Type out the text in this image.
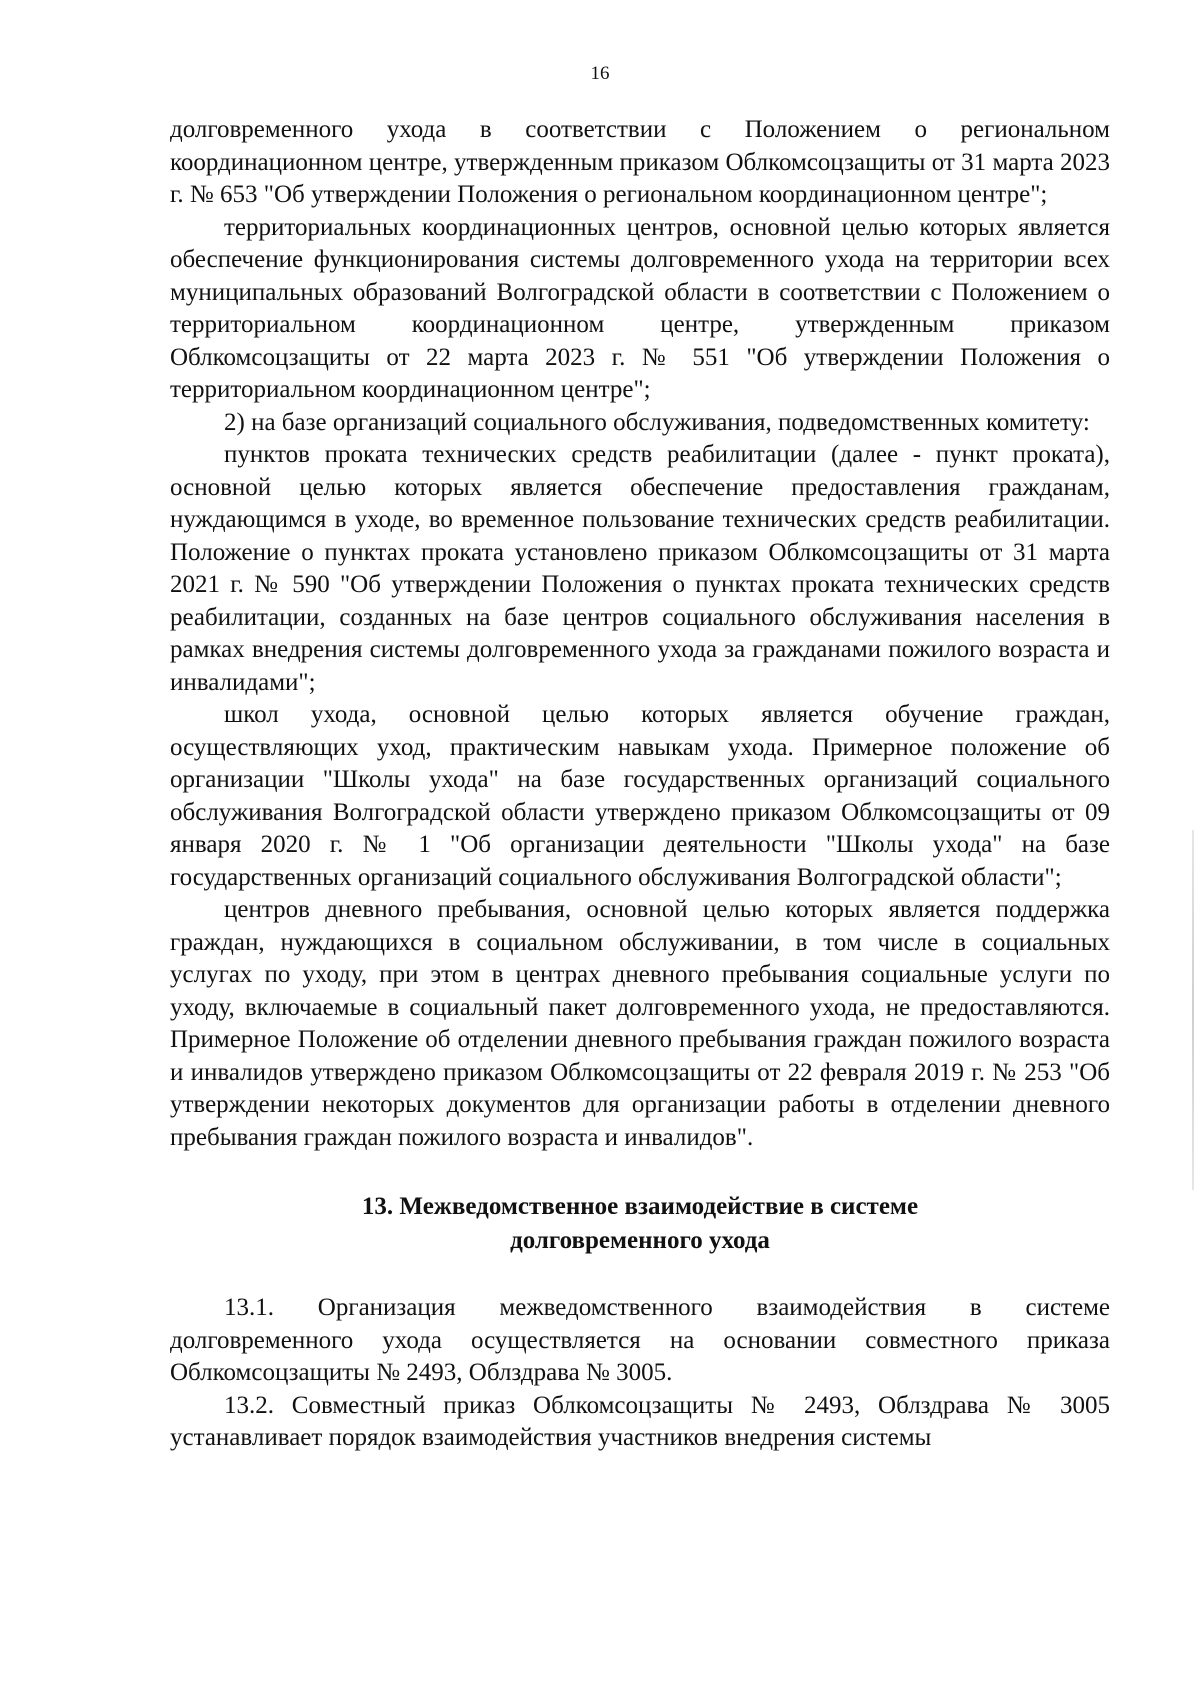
16

долговременного ухода в соответствии с Положением о региональном координационном центре, утвержденным приказом Облкомсоцзащиты от 31 марта 2023 г. № 653 "Об утверждении Положения о региональном координационном центре";

территориальных координационных центров, основной целью которых является обеспечение функционирования системы долговременного ухода на территории всех муниципальных образований Волгоградской области в соответствии с Положением о территориальном координационном центре, утвержденным приказом Облкомсоцзащиты от 22 марта 2023 г. № 551 "Об утверждении Положения о территориальном координационном центре";

2) на базе организаций социального обслуживания, подведомственных комитету:

пунктов проката технических средств реабилитации (далее - пункт проката), основной целью которых является обеспечение предоставления гражданам, нуждающимся в уходе, во временное пользование технических средств реабилитации. Положение о пунктах проката установлено приказом Облкомсоцзащиты от 31 марта 2021 г. № 590 "Об утверждении Положения о пунктах проката технических средств реабилитации, созданных на базе центров социального обслуживания населения в рамках внедрения системы долговременного ухода за гражданами пожилого возраста и инвалидами";

школ ухода, основной целью которых является обучение граждан, осуществляющих уход, практическим навыкам ухода. Примерное положение об организации "Школы ухода" на базе государственных организаций социального обслуживания Волгоградской области утверждено приказом Облкомсоцзащиты от 09 января 2020 г. № 1 "Об организации деятельности "Школы ухода" на базе государственных организаций социального обслуживания Волгоградской области";

центров дневного пребывания, основной целью которых является поддержка граждан, нуждающихся в социальном обслуживании, в том числе в социальных услугах по уходу, при этом в центрах дневного пребывания социальные услуги по уходу, включаемые в социальный пакет долговременного ухода, не предоставляются. Примерное Положение об отделении дневного пребывания граждан пожилого возраста и инвалидов утверждено приказом Облкомсоцзащиты от 22 февраля 2019 г. № 253 "Об утверждении некоторых документов для организации работы в отделении дневного пребывания граждан пожилого возраста и инвалидов".

13. Межведомственное взаимодействие в системе
долговременного ухода

13.1. Организация межведомственного взаимодействия в системе долговременного ухода осуществляется на основании совместного приказа Облкомсоцзащиты № 2493, Облздрава № 3005.

13.2. Совместный приказ Облкомсоцзащиты № 2493, Облздрава № 3005 устанавливает порядок взаимодействия участников внедрения системы
